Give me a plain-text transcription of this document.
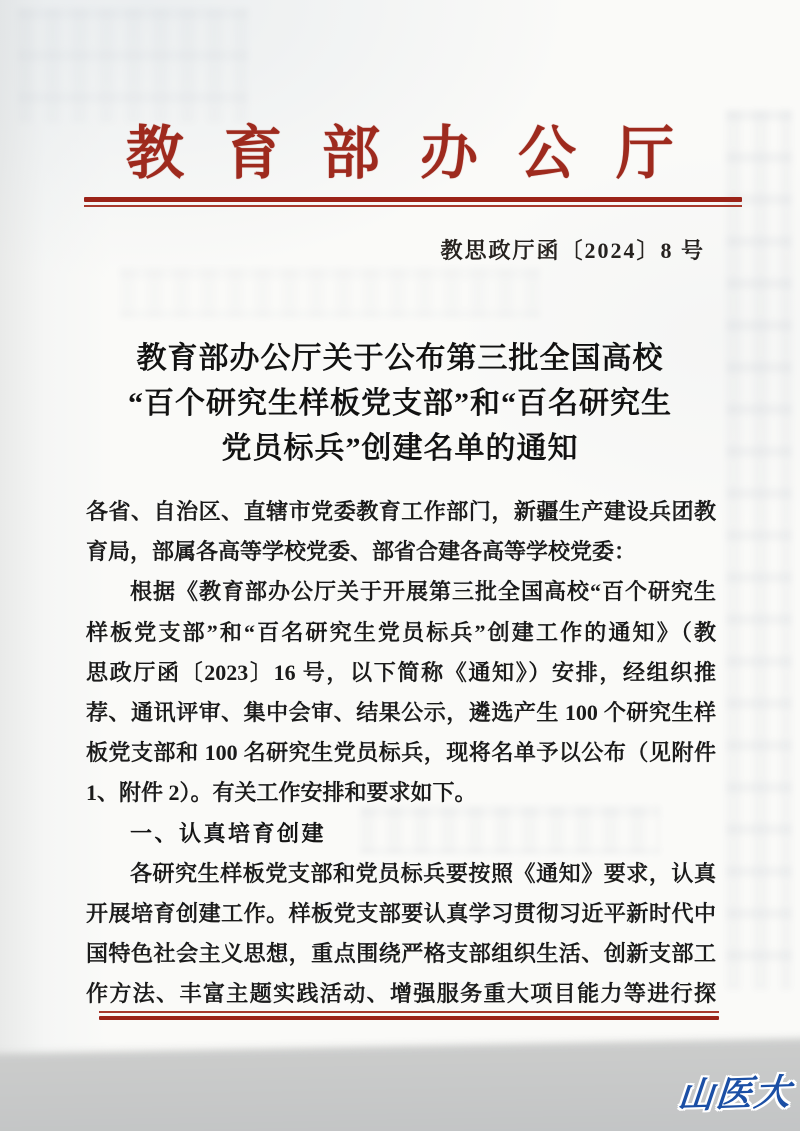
教育部办公厅
教思政厅函〔2024〕8 号
教育部办公厅关于公布第三批全国高校
“百个研究生样板党支部”和“百名研究生
党员标兵”创建名单的通知
各省、自治区、直辖市党委教育工作部门，新疆生产建设兵团教
育局，部属各高等学校党委、部省合建各高等学校党委：
根据《教育部办公厅关于开展第三批全国高校“百个研究生
样板党支部”和“百名研究生党员标兵”创建工作的通知》（教
思政厅函〔2023〕16 号，以下简称《通知》）安排，经组织推
荐、通讯评审、集中会审、结果公示，遴选产生 100 个研究生样
板党支部和 100 名研究生党员标兵，现将名单予以公布（见附件
1、附件 2）。有关工作安排和要求如下。
一、认真培育创建
各研究生样板党支部和党员标兵要按照《通知》要求，认真
开展培育创建工作。样板党支部要认真学习贯彻习近平新时代中
国特色社会主义思想，重点围绕严格支部组织生活、创新支部工
作方法、丰富主题实践活动、增强服务重大项目能力等进行探
山医大
